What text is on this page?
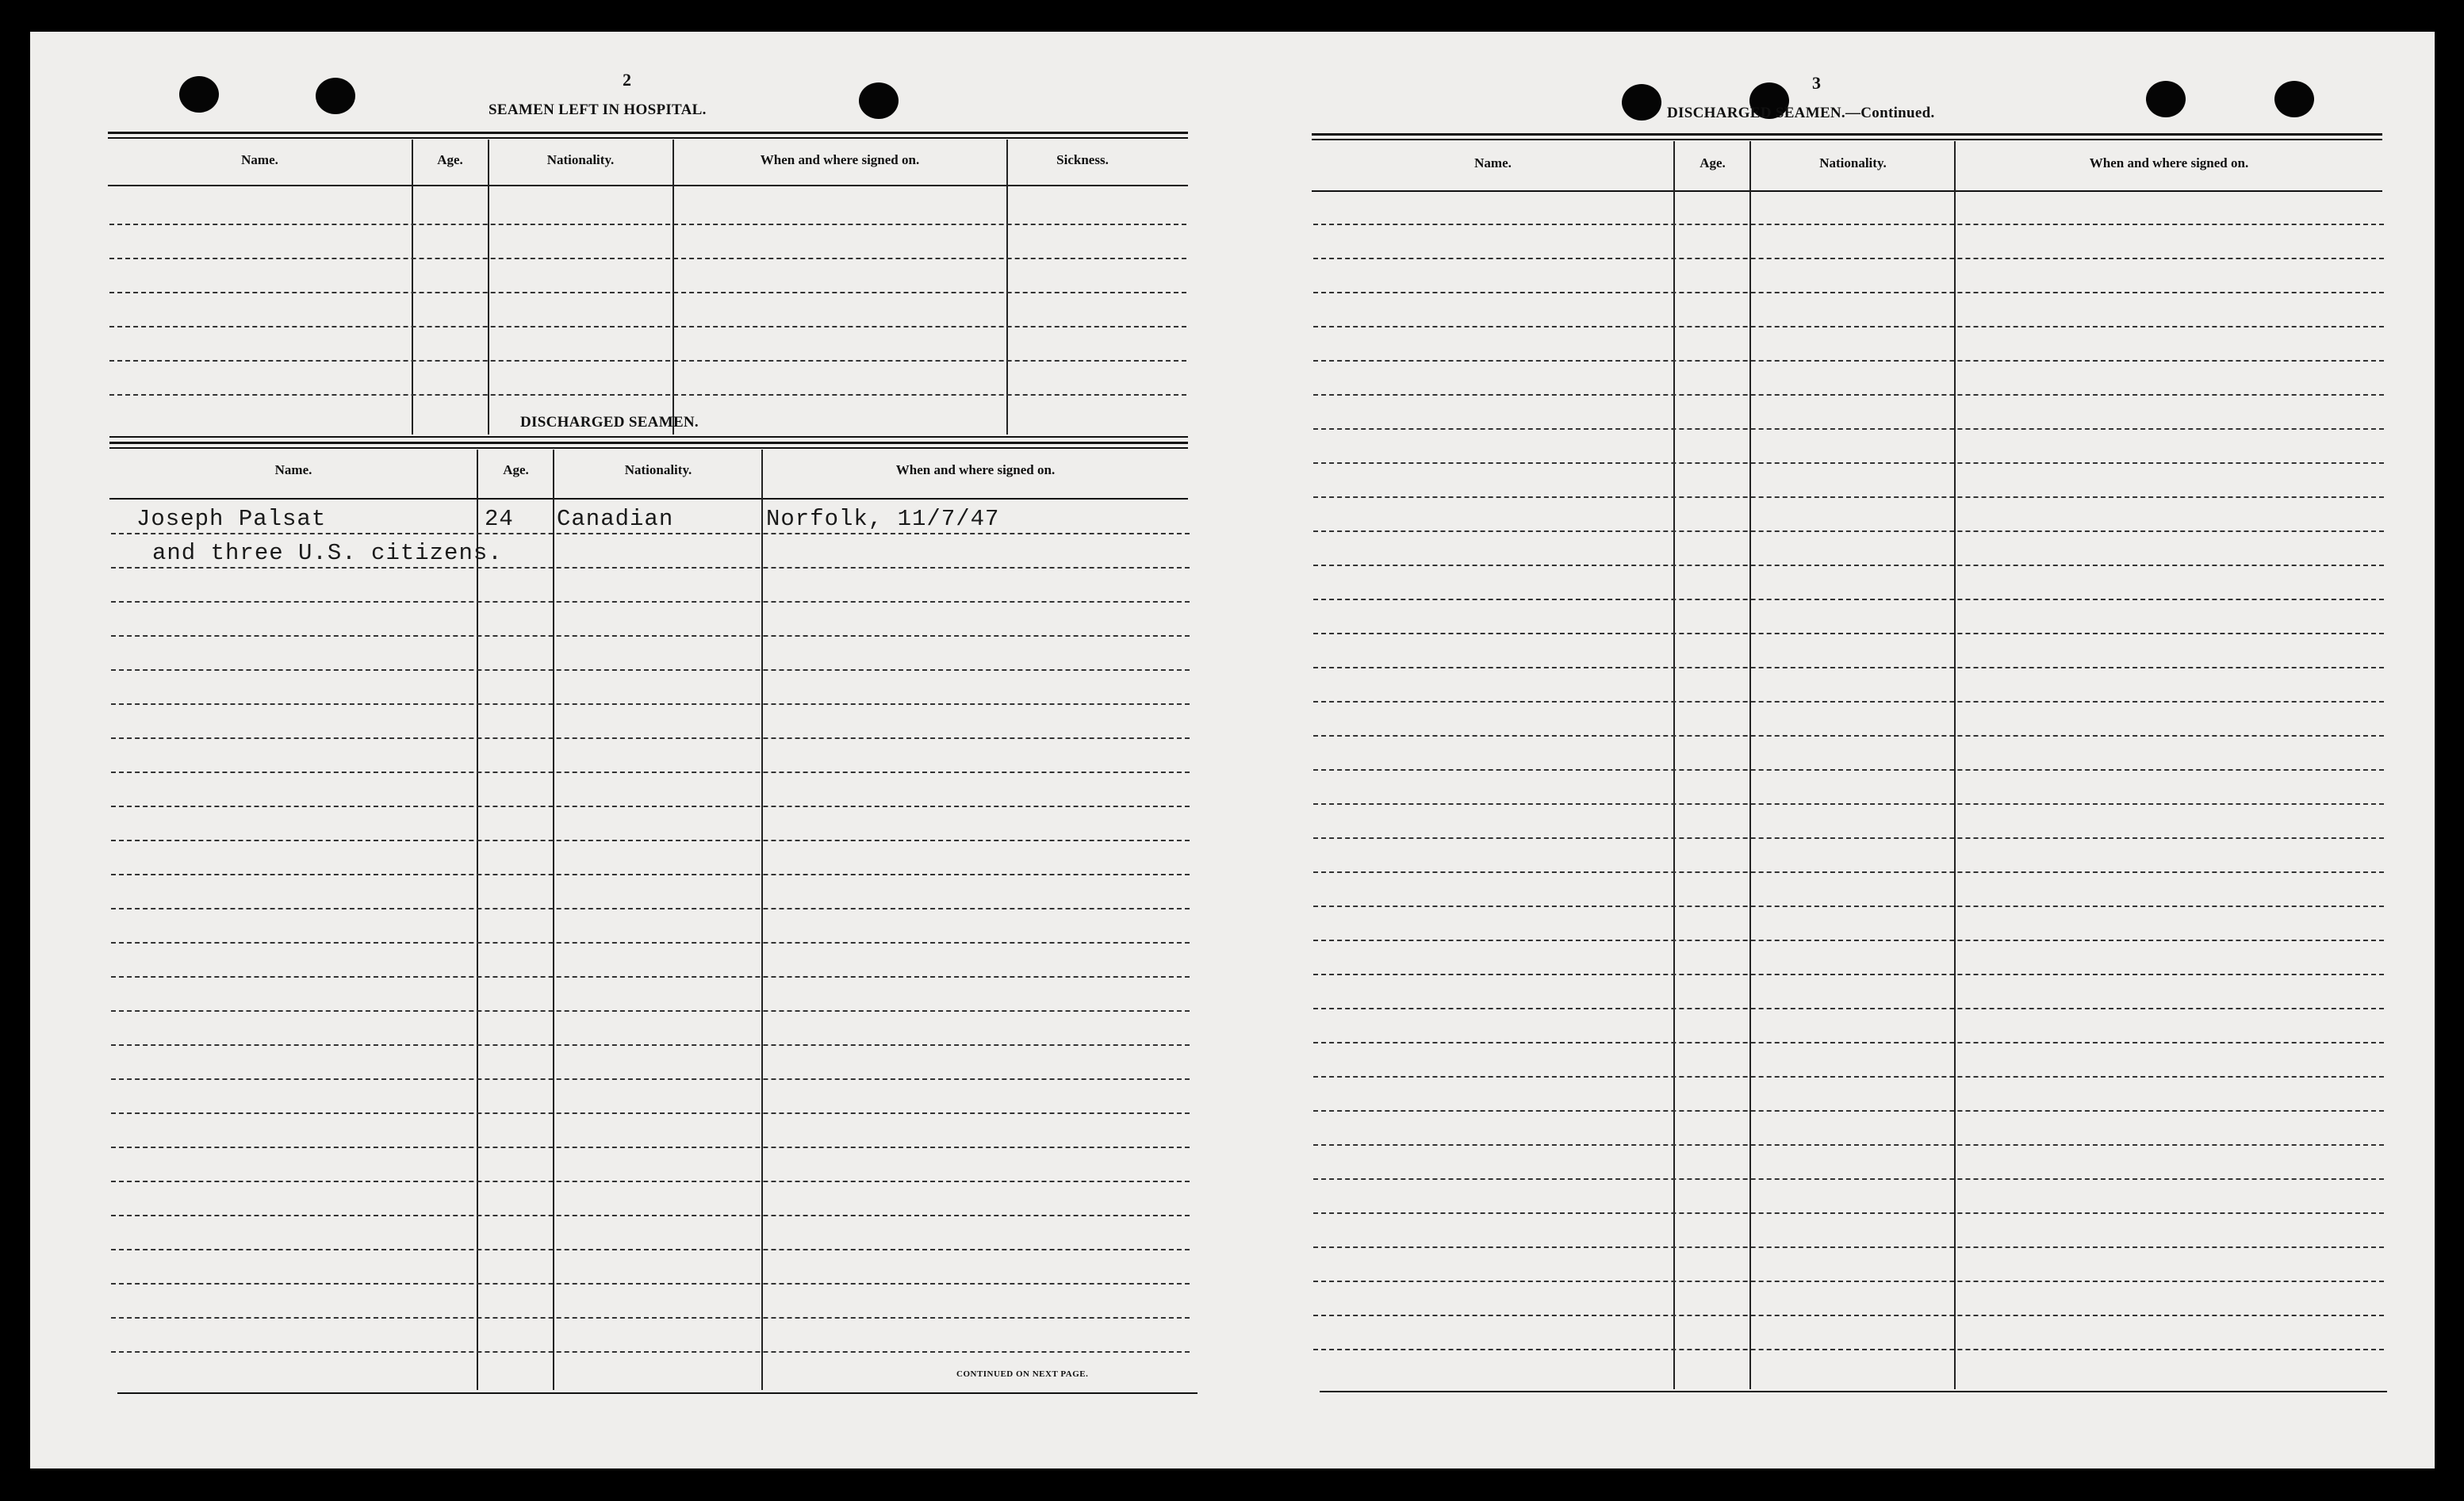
2
SEAMEN LEFT IN HOSPITAL.
Name.	Age.	Nationality.	When and where signed on.	Sickness.
DISCHARGED SEAMEN.
Name.	Age.	Nationality.	When and where signed on.
Joseph Palsat	24 Canadian	Norfolk, 11/7/47
and three U.S. citizens.
CONTINUED ON NEXT PAGE.
3
DISCHARGED SEAMEN.—Continued.
Name.	Age.	Nationality.	When and where signed on.
